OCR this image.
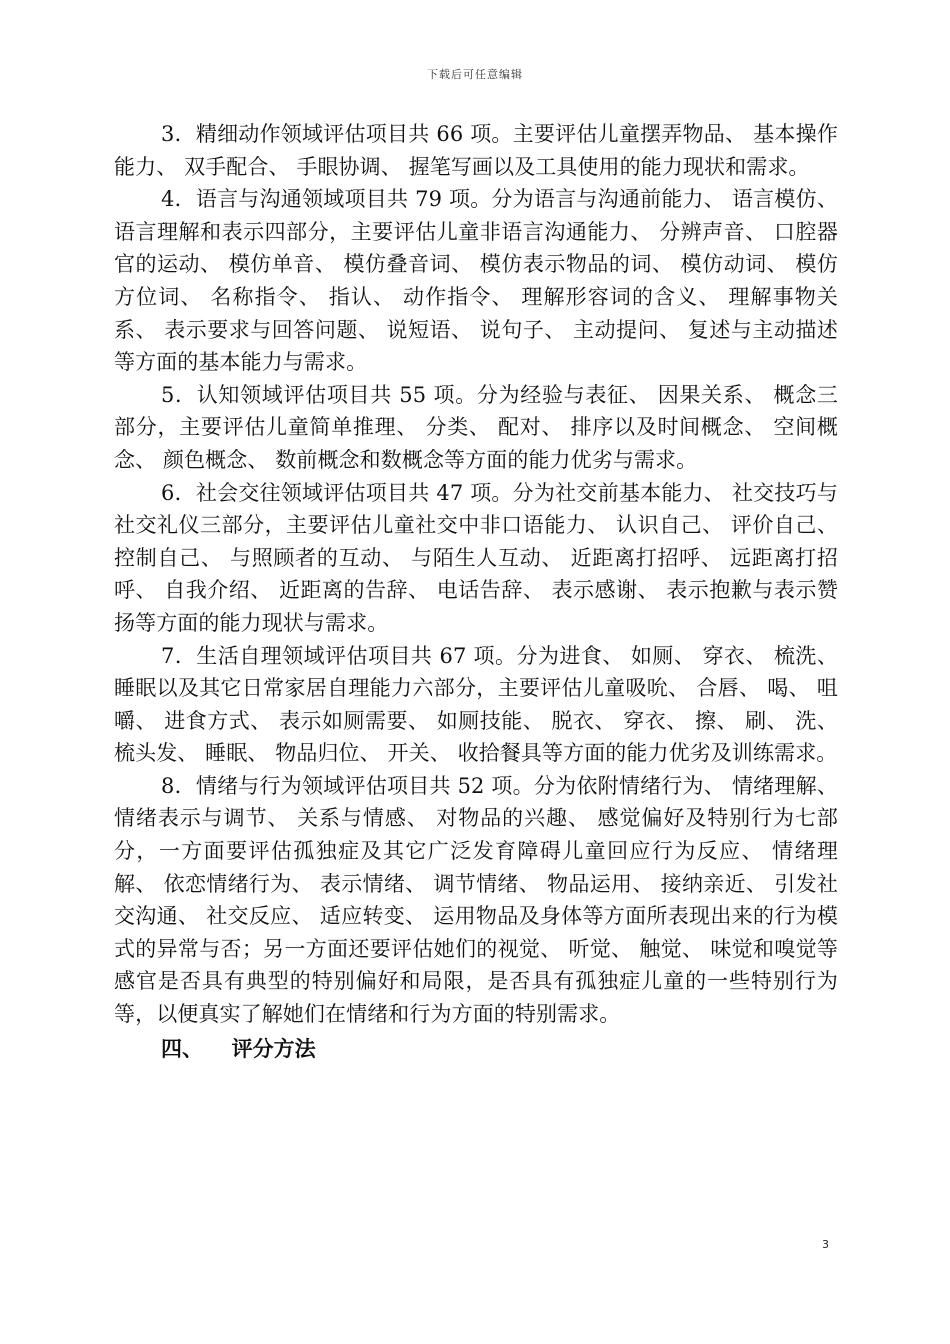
下载后可任意编辑

3．精细动作领域评估项目共 66 项。主要评估儿童摆弄物品、 基本操作能力、 双手配合、 手眼协调、 握笔写画以及工具使用的能力现状和需求。

4．语言与沟通领域项目共 79 项。分为语言与沟通前能力、 语言模仿、 语言理解和表示四部分，主要评估儿童非语言沟通能力、 分辨声音、 口腔器官的运动、 模仿单音、 模仿叠音词、 模仿表示物品的词、 模仿动词、 模仿方位词、 名称指令、 指认、 动作指令、 理解形容词的含义、 理解事物关系、 表示要求与回答问题、 说短语、 说句子、 主动提问、 复述与主动描述等方面的基本能力与需求。

5．认知领域评估项目共 55 项。分为经验与表征、 因果关系、 概念三部分，主要评估儿童简单推理、 分类、 配对、 排序以及时间概念、 空间概念、 颜色概念、 数前概念和数概念等方面的能力优劣与需求。

6．社会交往领域评估项目共 47 项。分为社交前基本能力、 社交技巧与社交礼仪三部分，主要评估儿童社交中非口语能力、 认识自己、 评价自己、 控制自己、 与照顾者的互动、 与陌生人互动、 近距离打招呼、 远距离打招呼、 自我介绍、 近距离的告辞、 电话告辞、 表示感谢、 表示抱歉与表示赞扬等方面的能力现状与需求。

7．生活自理领域评估项目共 67 项。分为进食、 如厕、 穿衣、 梳洗、 睡眠以及其它日常家居自理能力六部分，主要评估儿童吸吮、 合唇、 喝、 咀嚼、 进食方式、 表示如厕需要、 如厕技能、 脱衣、 穿衣、 擦、 刷、 洗、 梳头发、 睡眠、 物品归位、 开关、 收拾餐具等方面的能力优劣及训练需求。

8．情绪与行为领域评估项目共 52 项。分为依附情绪行为、 情绪理解、 情绪表示与调节、 关系与情感、 对物品的兴趣、 感觉偏好及特别行为七部分，一方面要评估孤独症及其它广泛发育障碍儿童回应行为反应、 情绪理解、 依恋情绪行为、 表示情绪、 调节情绪、 物品运用、 接纳亲近、 引发社交沟通、 社交反应、 适应转变、 运用物品及身体等方面所表现出来的行为模式的异常与否；另一方面还要评估她们的视觉、 听觉、 触觉、 味觉和嗅觉等感官是否具有典型的特别偏好和局限，是否具有孤独症儿童的一些特别行为等，以便真实了解她们在情绪和行为方面的特别需求。

四、 评分方法
3
